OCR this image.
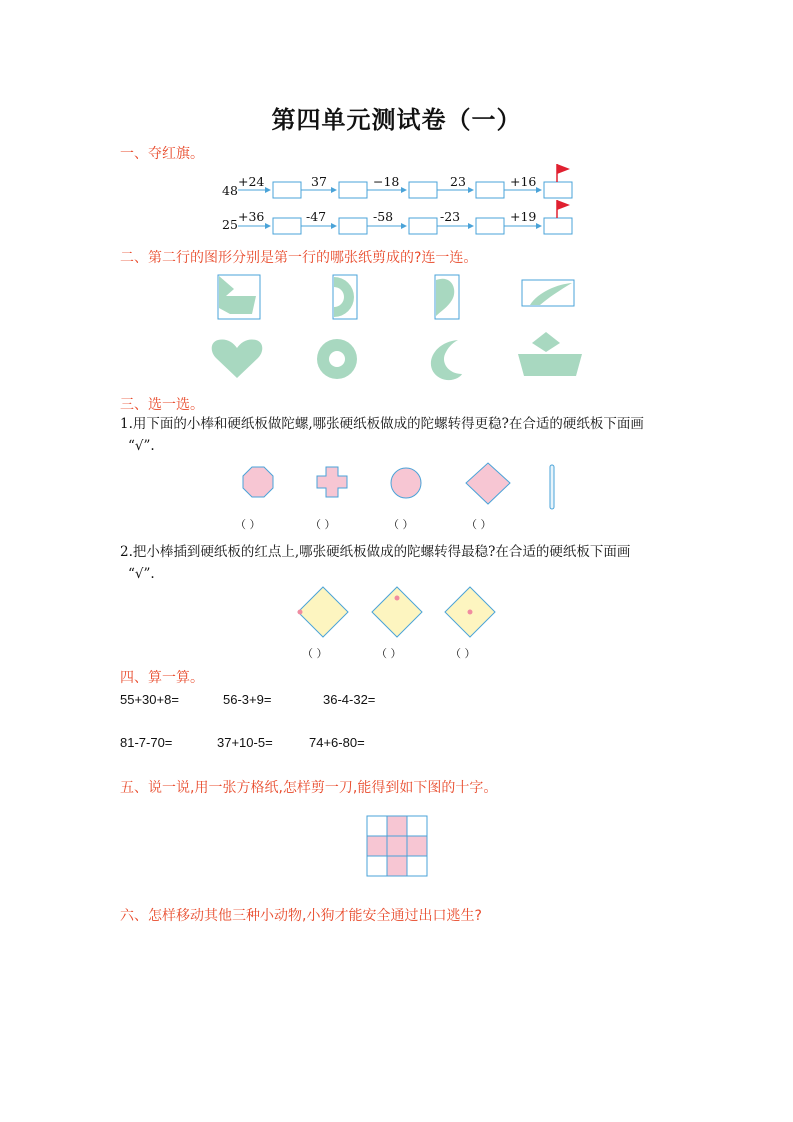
第四单元测试卷（一）
一、夺红旗。
48
+24	37	−18	23	+16
25
+36	-47	-58	-23	+19
二、第二行的图形分别是第一行的哪张纸剪成的?连一连。
三、选一选。
1.用下面的小棒和硬纸板做陀螺,哪张硬纸板做成的陀螺转得更稳?在合适的硬纸板下面画
“√”.
（ ）	（ ）	（ ）	（ ）
2.把小棒插到硬纸板的红点上,哪张硬纸板做成的陀螺转得最稳?在合适的硬纸板下面画
“√”.
（ ）	（ ）	（ ）
四、算一算。
55+30+8=	56-3+9=	36-4-32=
81-7-70=	37+10-5=	74+6-80=
五、说一说,用一张方格纸,怎样剪一刀,能得到如下图的十字。
六、怎样移动其他三种小动物,小狗才能安全通过出口逃生?
